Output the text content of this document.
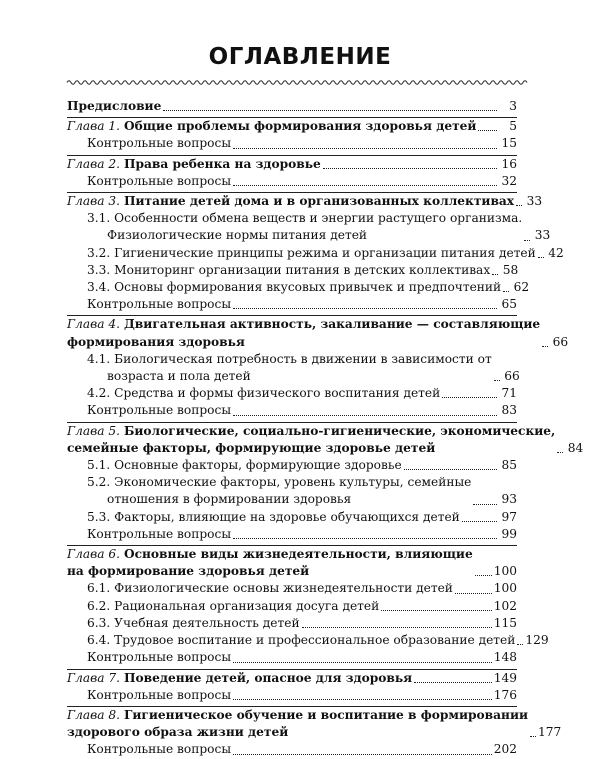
ОГЛАВЛЕНИЕ
Предисловие	3
Глава 1. Общие проблемы формирования здоровья детей	5
Контрольные вопросы	15
Глава 2. Права ребенка на здоровье	16
Контрольные вопросы	32
Глава 3. Питание детей дома и в организованных коллективах 33
3.1. Особенности обмена веществ и энергии растущего организма.
Физиологические нормы питания детей	33
3.2. Гигиенические принципы режима и организации питания детей 42
3.3. Мониторинг организации питания в детских коллективах 58
3.4. Основы формирования вкусовых привычек и предпочтений 62
Контрольные вопросы	65
Глава 4. Двигательная активность, закаливание — составляющие
формирования здоровья	66
4.1. Биологическая потребность в движении в зависимости от
возраста и пола детей	66
4.2. Средства и формы физического воспитания детей	71
Контрольные вопросы	83
Глава 5. Биологические, социально-гигиенические, экономические,
семейные факторы, формирующие здоровье детей	84
5.1. Основные факторы, формирующие здоровье	85
5.2. Экономические факторы, уровень культуры, семейные
отношения в формировании здоровья	93
5.3. Факторы, влияющие на здоровье обучающихся детей	97
Контрольные вопросы	99
Глава 6. Основные виды жизнедеятельности, влияющие
на формирование здоровья детей	100
6.1. Физиологические основы жизнедеятельности детей	100
6.2. Рациональная организация досуга детей	102
6.3. Учебная деятельность детей	115
6.4. Трудовое воспитание и профессиональное образование детей 129
Контрольные вопросы	148
Глава 7. Поведение детей, опасное для здоровья	149
Контрольные вопросы	176
Глава 8. Гигиеническое обучение и воспитание в формировании
здорового образа жизни детей	177
Контрольные вопросы	202
